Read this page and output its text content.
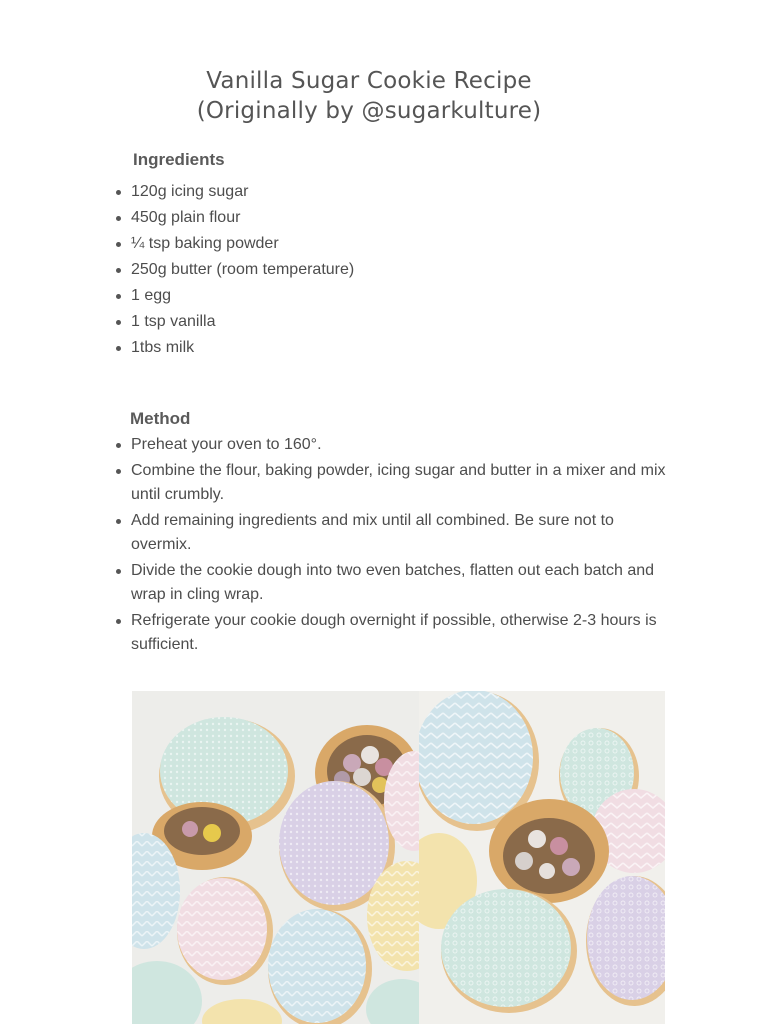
Vanilla Sugar Cookie Recipe
(Originally by @sugarkulture)
Ingredients
120g icing sugar
450g plain flour
¼ tsp baking powder
250g butter (room temperature)
1 egg
1 tsp vanilla
1tbs milk
Method
Preheat your oven to 160°.
Combine the flour, baking powder, icing sugar and butter in a mixer and mix until crumbly.
Add remaining ingredients and mix until all combined. Be sure not to overmix.
Divide the cookie dough into two even batches, flatten out each batch and wrap in cling wrap.
Refrigerate your cookie dough overnight if possible, otherwise 2-3 hours is sufficient.
